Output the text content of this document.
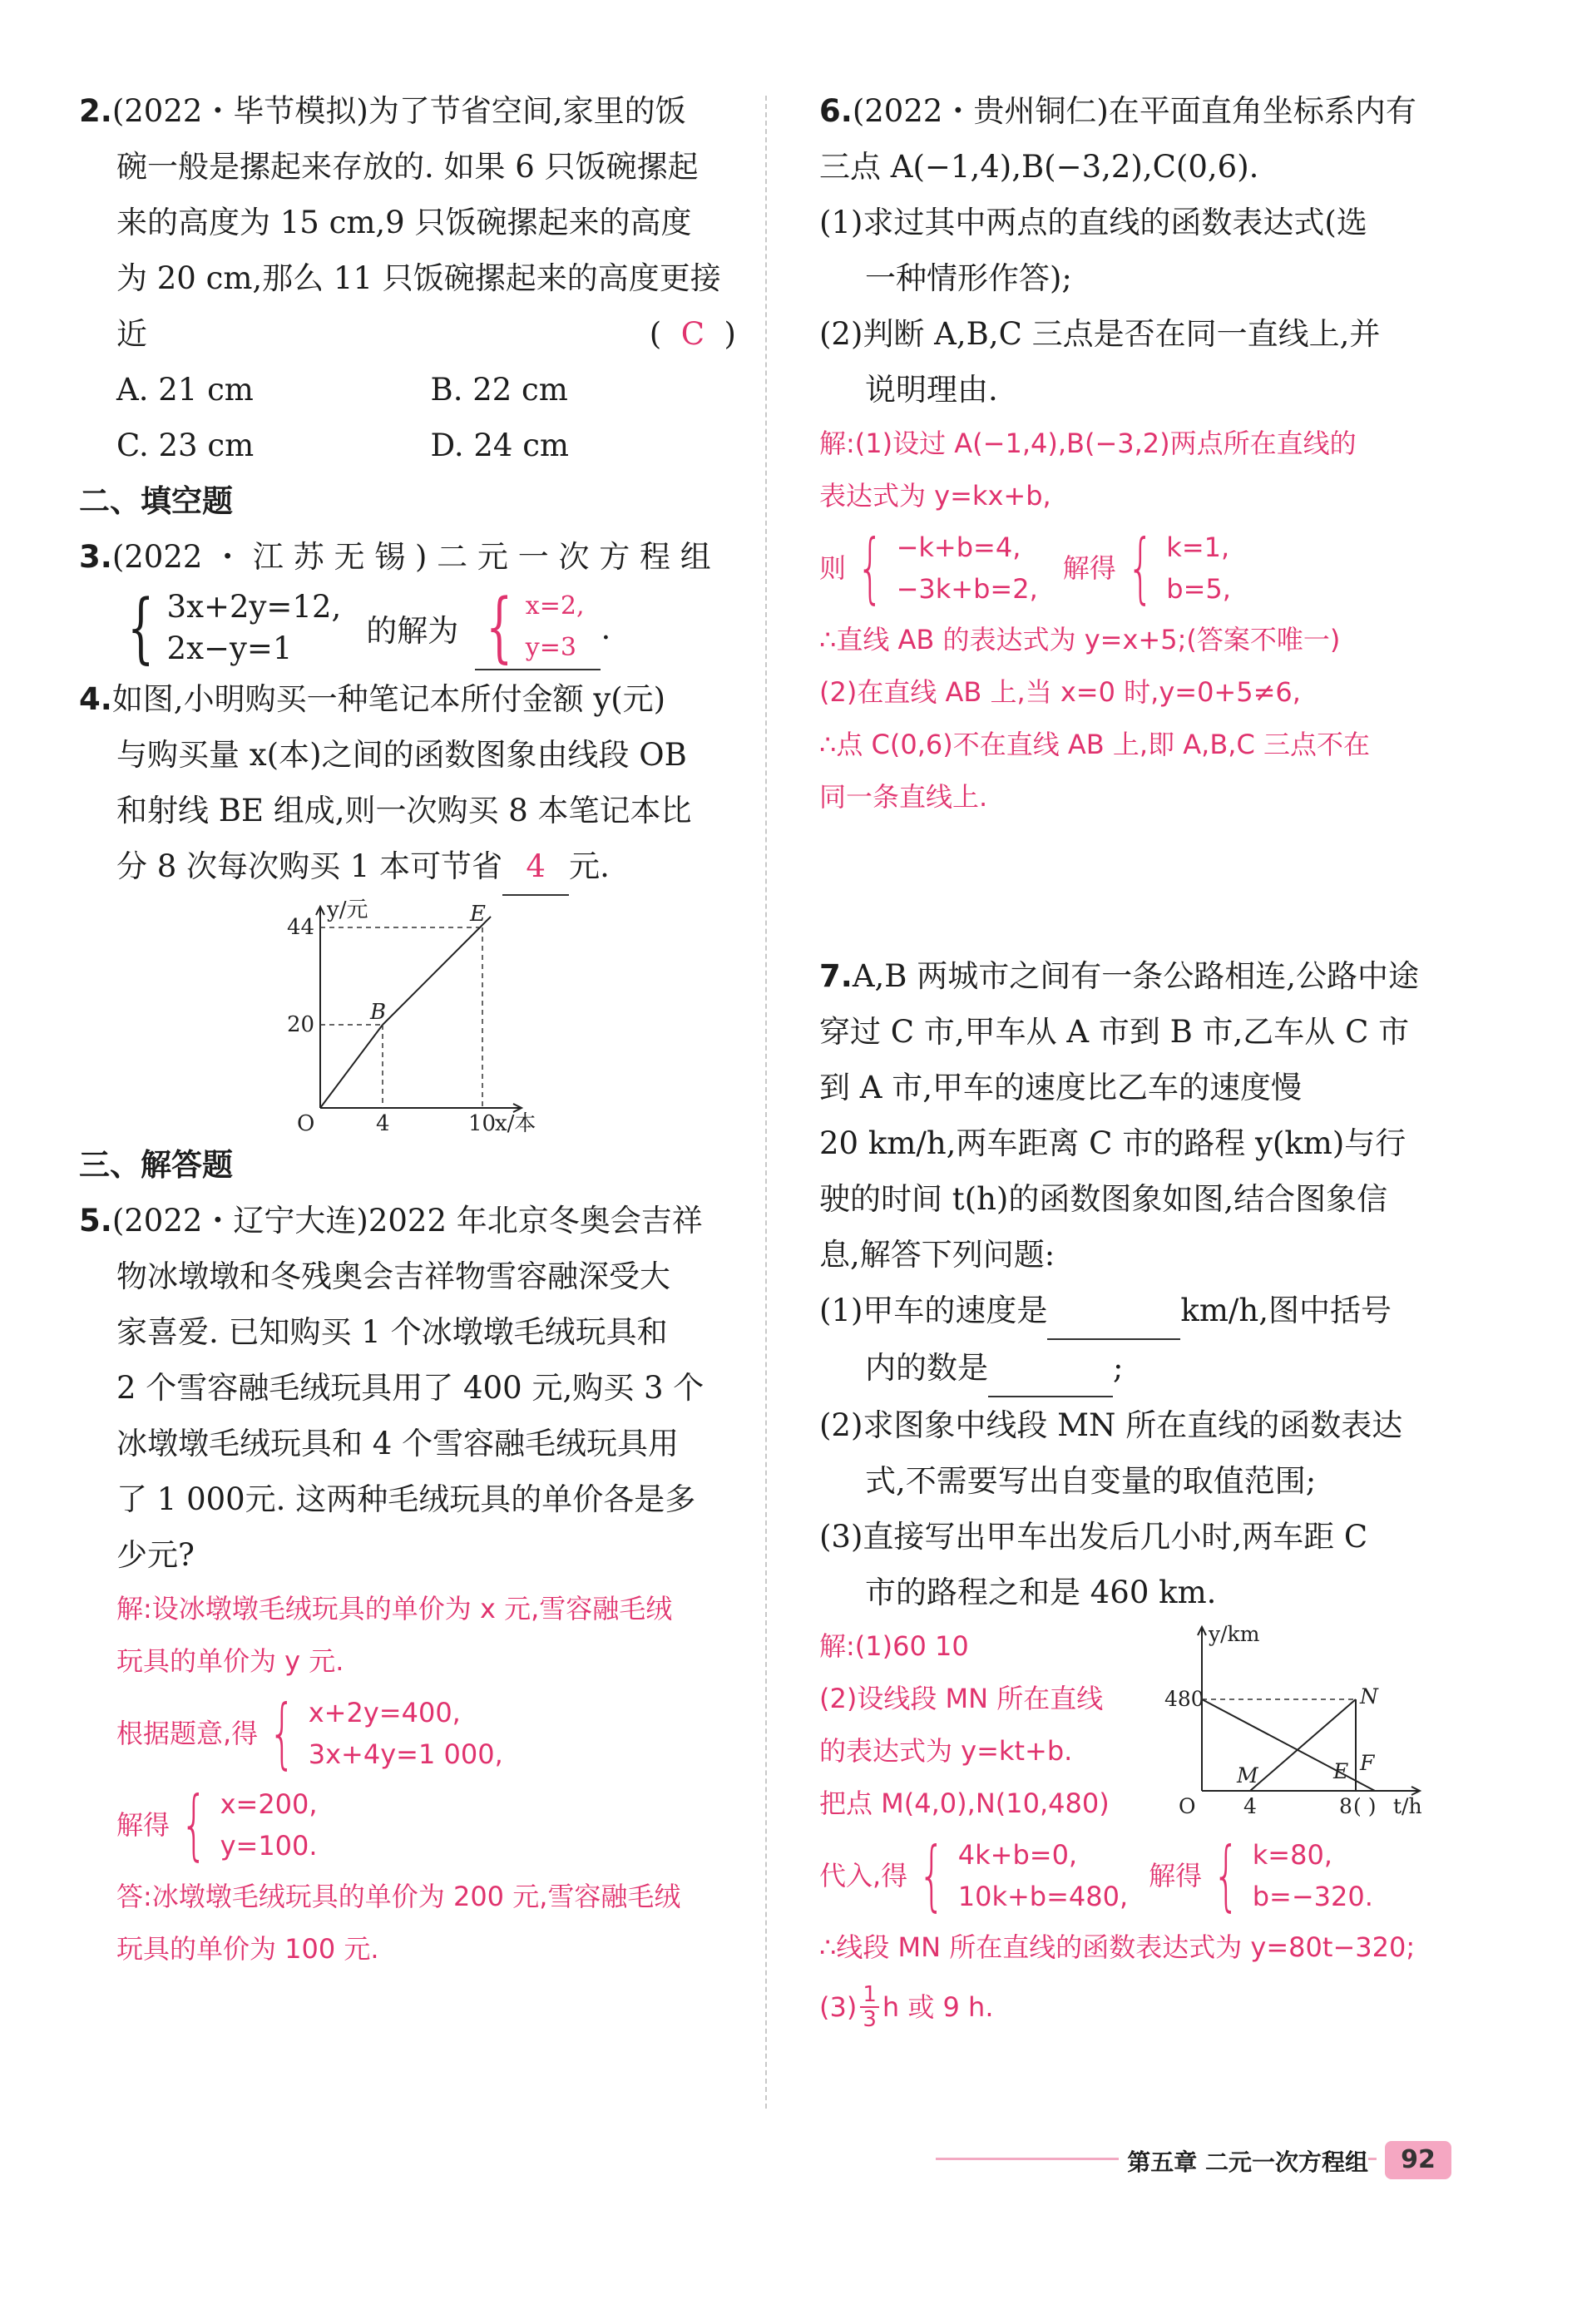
2.(2022・毕节模拟)为了节省空间,家里的饭
碗一般是摞起来存放的. 如果 6 只饭碗摞起
来的高度为 15 cm,9 只饭碗摞起来的高度
为 20 cm,那么 11 只饭碗摞起来的高度更接
近	(  C  )
A. 21 cm	B. 22 cm
C. 23 cm	D. 24 cm
二、填空题
3.(2022 ・ 江 苏 无 锡 ) 二 元 一 次 方 程 组
{ 3x+2y=12,
2x−y=1	的解为 { x=2,
y=3
.
4.如图,小明购买一种笔记本所付金额 y(元)
与购买量 x(本)之间的函数图象由线段 OB
和射线 BE 组成,则一次购买 8 本笔记本比
分 8 次每次购买 1 本可节省 4 元.
y/元
x/本
O
44
20
4	10
B
E
三、解答题
5.(2022・辽宁大连)2022 年北京冬奥会吉祥
物冰墩墩和冬残奥会吉祥物雪容融深受大
家喜爱. 已知购买 1 个冰墩墩毛绒玩具和
2 个雪容融毛绒玩具用了 400 元,购买 3 个
冰墩墩毛绒玩具和 4 个雪容融毛绒玩具用
了 1 000元. 这两种毛绒玩具的单价各是多
少元?
解:设冰墩墩毛绒玩具的单价为 x 元,雪容融毛绒
玩具的单价为 y 元.
根据题意,得 { x+2y=400,
3x+4y=1 000,
解得 { x=200,
y=100.
答:冰墩墩毛绒玩具的单价为 200 元,雪容融毛绒
玩具的单价为 100 元.
6.(2022・贵州铜仁)在平面直角坐标系内有
三点 A(−1,4),B(−3,2),C(0,6).
(1)求过其中两点的直线的函数表达式(选
一种情形作答);
(2)判断 A,B,C 三点是否在同一直线上,并
说明理由.
解:(1)设过 A(−1,4),B(−3,2)两点所在直线的
表达式为 y=kx+b,
则 { −k+b=4,
−3k+b=2,
解得 { k=1,
b=5,
∴直线 AB 的表达式为 y=x+5;(答案不唯一)
(2)在直线 AB 上,当 x=0 时,y=0+5≠6,
∴点 C(0,6)不在直线 AB 上,即 A,B,C 三点不在
同一条直线上.
7.A,B 两城市之间有一条公路相连,公路中途
穿过 C 市,甲车从 A 市到 B 市,乙车从 C 市
到 A 市,甲车的速度比乙车的速度慢
20 km/h,两车距离 C 市的路程 y(km)与行
驶的时间 t(h)的函数图象如图,结合图象信
息,解答下列问题:
(1)甲车的速度是	km/h,图中括号
内的数是	;
(2)求图象中线段 MN 所在直线的函数表达
式,不需要写出自变量的取值范围;
(3)直接写出甲车出发后几小时,两车距 C
市的路程之和是 460 km.
y/km
t/h
O
480
4	8 ( )
M
N
E F
解:(1)60 10
(2)设线段 MN 所在直线
的表达式为 y=kt+b.
把点 M(4,0),N(10,480)
代入,得 { 4k+b=0,
10k+b=480,
解得 { k=80,
b=−320.
∴线段 MN 所在直线的函数表达式为 y=80t−320;
$(3) \frac{1}{3}$ h 或 9 h.
第五章 二元一次方程组	92
